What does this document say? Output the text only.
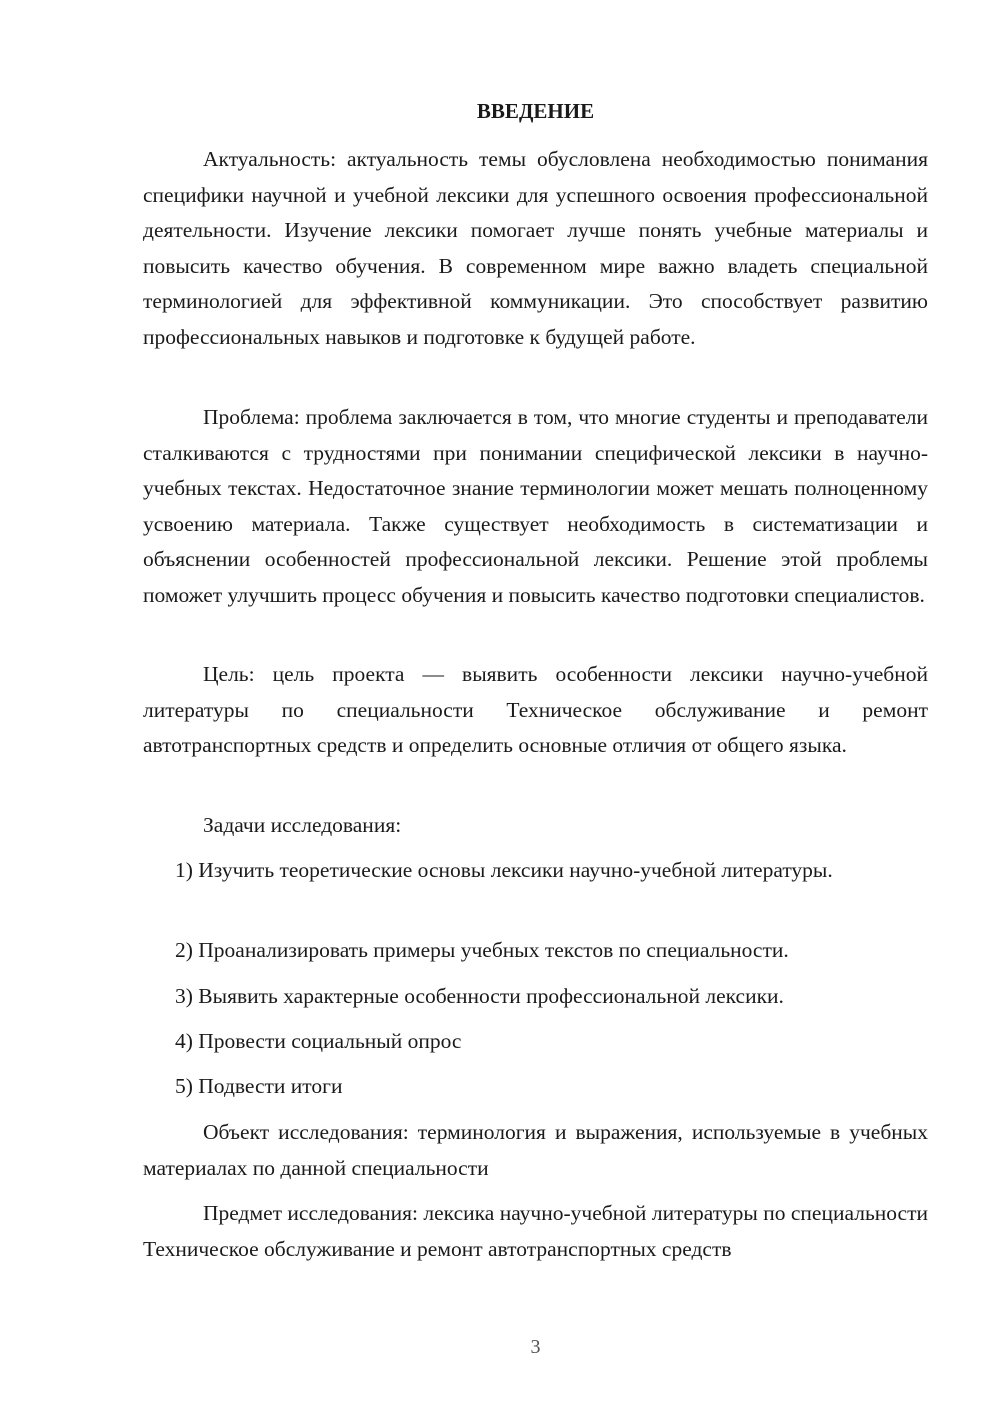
ВВЕДЕНИЕ

Актуальность: актуальность темы обусловлена необходимостью понимания специфики научной и учебной лексики для успешного освоения профессиональной деятельности. Изучение лексики помогает лучше понять учебные материалы и повысить качество обучения. В современном мире важно владеть специальной терминологией для эффективной коммуникации. Это способствует развитию профессиональных навыков и подготовке к будущей работе.

Проблема: проблема заключается в том, что многие студенты и преподаватели сталкиваются с трудностями при понимании специфической лексики в научно-учебных текстах. Недостаточное знание терминологии может мешать полноценному усвоению материала. Также существует необходимость в систематизации и объяснении особенностей профессиональной лексики. Решение этой проблемы поможет улучшить процесс обучения и повысить качество подготовки специалистов.

Цель: цель проекта — выявить особенности лексики научно-учебной литературы по специальности Техническое обслуживание и ремонт автотранспортных средств и определить основные отличия от общего языка.

Задачи исследования:

1) Изучить теоретические основы лексики научно-учебной литературы.

2) Проанализировать примеры учебных текстов по специальности.

3) Выявить характерные особенности профессиональной лексики.

4) Провести социальный опрос

5) Подвести итоги

Объект исследования: терминология и выражения, используемые в учебных материалах по данной специальности

Предмет исследования: лексика научно-учебной литературы по специальности Техническое обслуживание и ремонт автотранспортных средств

3
